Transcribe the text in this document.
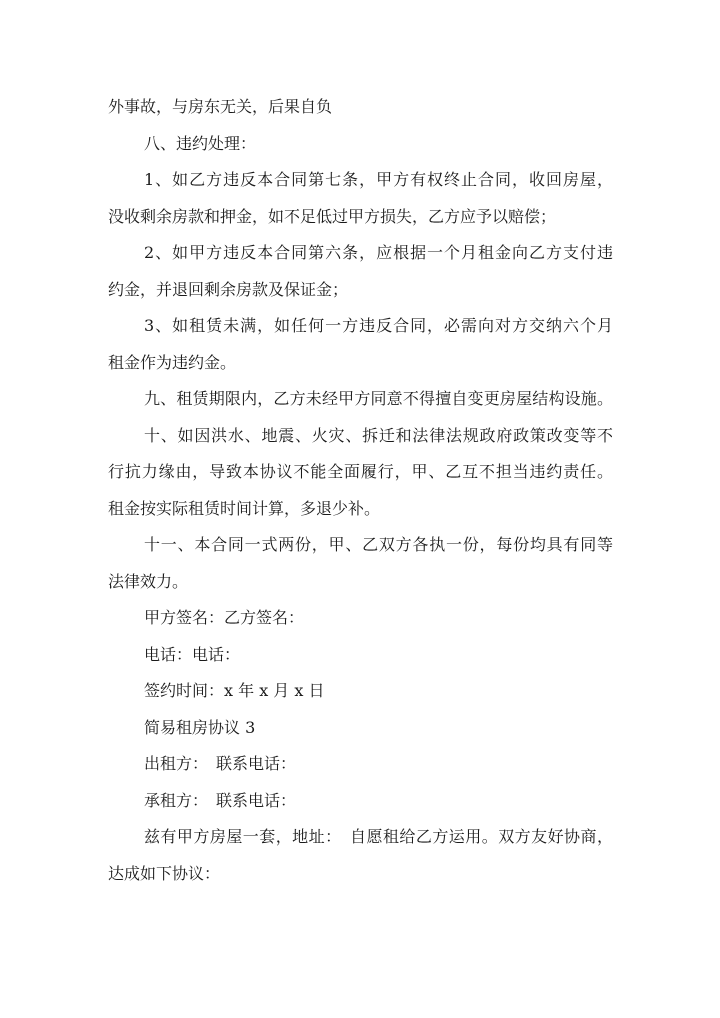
外事故，与房东无关，后果自负

八、违约处理：

1、如乙方违反本合同第七条，甲方有权终止合同，收回房屋，

没收剩余房款和押金，如不足低过甲方损失，乙方应予以赔偿；

2、如甲方违反本合同第六条，应根据一个月租金向乙方支付违

约金，并退回剩余房款及保证金；

3、如租赁未满，如任何一方违反合同，必需向对方交纳六个月

租金作为违约金。

九、租赁期限内，乙方未经甲方同意不得擅自变更房屋结构设施。

十、如因洪水、地震、火灾、拆迁和法律法规政府政策改变等不

行抗力缘由，导致本协议不能全面履行，甲、乙互不担当违约责任。

租金按实际租赁时间计算，多退少补。

十一、本合同一式两份，甲、乙双方各执一份，每份均具有同等

法律效力。

甲方签名：乙方签名：

电话：电话：

签约时间：x 年 x 月 x 日

简易租房协议 3

出租方：　联系电话：

承租方：　联系电话：

兹有甲方房屋一套，地址：　自愿租给乙方运用。双方友好协商，

达成如下协议：
